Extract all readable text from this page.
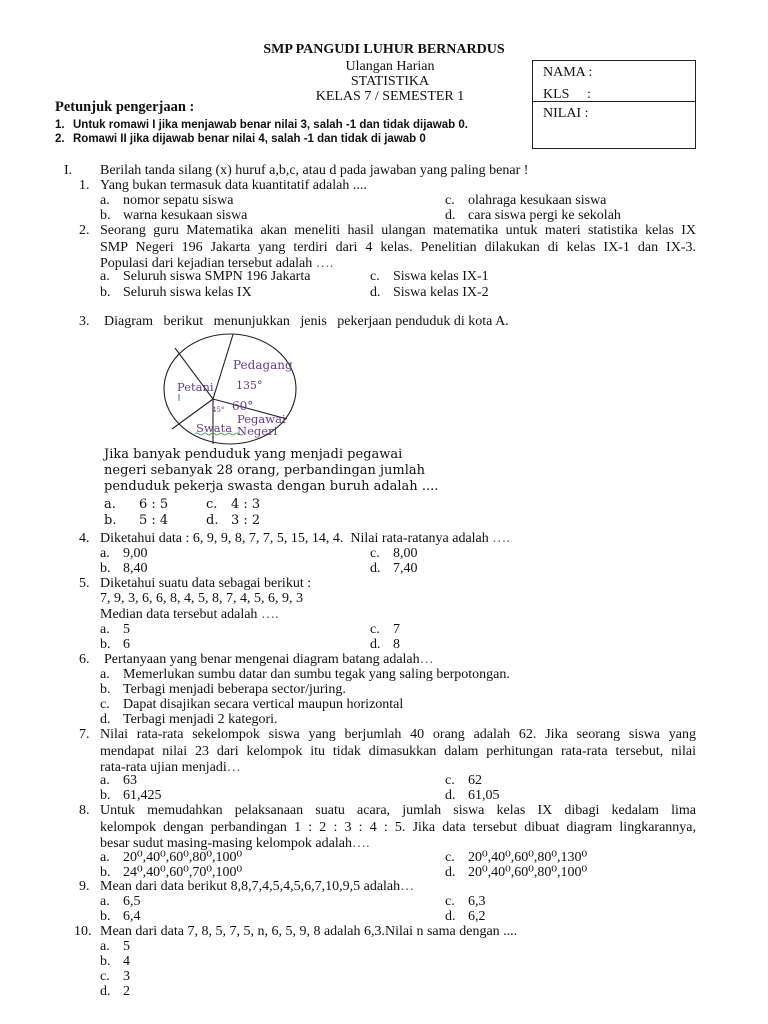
SMP PANGUDI LUHUR BERNARDUS
Ulangan Harian
STATISTIKA
KELAS 7 / SEMESTER 1
NAMA :
KLS     :
NILAI :
Petunjuk pengerjaan :
1. Untuk romawi I jika menjawab benar nilai 3, salah -1 dan tidak dijawab 0.
2. Romawi II jika dijawab benar nilai 4, salah -1 dan tidak di jawab 0
I. Berilah tanda silang (x) huruf a,b,c, atau d pada jawaban yang paling benar !
1. Yang bukan termasuk data kuantitatif adalah ....
a. nomor sepatu siswa
b. warna kesukaan siswa
c. olahraga kesukaan siswa
d. cara siswa pergi ke sekolah
2. Seorang guru Matematika akan meneliti hasil ulangan matematika untuk materi statistika kelas IX
SMP Negeri 196 Jakarta yang terdiri dari 4 kelas. Penelitian dilakukan di kelas IX-1 dan IX-3.
Populasi dari kejadian tersebut adalah ….
a. Seluruh siswa SMPN 196 Jakarta
b. Seluruh siswa kelas IX
c. Siswa kelas IX-1
d. Siswa kelas IX-2
3. Diagram   berikut   menunjukkan   jenis   pekerjaan penduduk di kota A.
Pedagang
135°
Petani
60°
45°
Pegawai
Negeri
Swata
Jika banyak penduduk yang menjadi pegawai
negeri sebanyak 28 orang, perbandingan jumlah
penduduk pekerja swasta dengan buruh adalah ....
a. 6 : 5
b. 5 : 4
c. 4 : 3
d. 3 : 2
4. Diketahui data : 6, 9, 9, 8, 7, 7, 5, 15, 14, 4.  Nilai rata-ratanya adalah ….
a. 9,00
b. 8,40
c. 8,00
d. 7,40
5. Diketahui suatu data sebagai berikut :
7, 9, 3, 6, 6, 8, 4, 5, 8, 7, 4, 5, 6, 9, 3
Median data tersebut adalah ….
a. 5
b. 6
c. 7
d. 8
6. Pertanyaan yang benar mengenai diagram batang adalah…
a. Memerlukan sumbu datar dan sumbu tegak yang saling berpotongan.
b. Terbagi menjadi beberapa sector/juring.
c. Dapat disajikan secara vertical maupun horizontal
d. Terbagi menjadi 2 kategori.
7. Nilai rata-rata sekelompok siswa yang berjumlah 40 orang adalah 62. Jika seorang siswa yang
mendapat nilai 23 dari kelompok itu tidak dimasukkan dalam perhitungan rata-rata tersebut, nilai
rata-rata ujian menjadi…
a. 63
b. 61,425
c. 62
d. 61,05
8. Untuk memudahkan pelaksanaan suatu acara, jumlah siswa kelas IX dibagi kedalam lima
kelompok dengan perbandingan 1 : 2 : 3 : 4 : 5. Jika data tersebut dibuat diagram lingkarannya,
besar sudut masing-masing kelompok adalah….
a. 20⁰,40⁰,60⁰,80⁰,100⁰
b. 24⁰,40⁰,60⁰,70⁰,100⁰
c. 20⁰,40⁰,60⁰,80⁰,130⁰
d. 20⁰,40⁰,60⁰,80⁰,100⁰
9. Mean dari data berikut 8,8,7,4,5,4,5,6,7,10,9,5 adalah…
a. 6,5
b. 6,4
c. 6,3
d. 6,2
10. Mean dari data 7, 8, 5, 7, 5, n, 6, 5, 9, 8 adalah 6,3.Nilai n sama dengan ....
a. 5
b. 4
c. 3
d. 2
